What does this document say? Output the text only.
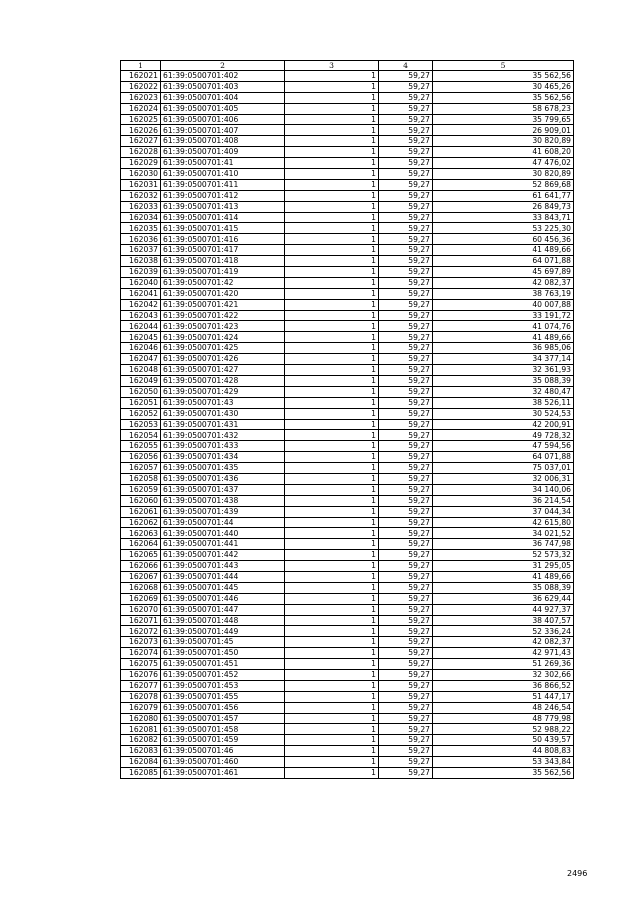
1	2	3	4	5
162021	61:39:0500701:402	1	59,27	35 562,56
162022	61:39:0500701:403	1	59,27	30 465,26
162023	61:39:0500701:404	1	59,27	35 562,56
162024	61:39:0500701:405	1	59,27	58 678,23
162025	61:39:0500701:406	1	59,27	35 799,65
162026	61:39:0500701:407	1	59,27	26 909,01
162027	61:39:0500701:408	1	59,27	30 820,89
162028	61:39:0500701:409	1	59,27	41 608,20
162029	61:39:0500701:41	1	59,27	47 476,02
162030	61:39:0500701:410	1	59,27	30 820,89
162031	61:39:0500701:411	1	59,27	52 869,68
162032	61:39:0500701:412	1	59,27	61 641,77
162033	61:39:0500701:413	1	59,27	26 849,73
162034	61:39:0500701:414	1	59,27	33 843,71
162035	61:39:0500701:415	1	59,27	53 225,30
162036	61:39:0500701:416	1	59,27	60 456,36
162037	61:39:0500701:417	1	59,27	41 489,66
162038	61:39:0500701:418	1	59,27	64 071,88
162039	61:39:0500701:419	1	59,27	45 697,89
162040	61:39:0500701:42	1	59,27	42 082,37
162041	61:39:0500701:420	1	59,27	38 763,19
162042	61:39:0500701:421	1	59,27	40 007,88
162043	61:39:0500701:422	1	59,27	33 191,72
162044	61:39:0500701:423	1	59,27	41 074,76
162045	61:39:0500701:424	1	59,27	41 489,66
162046	61:39:0500701:425	1	59,27	36 985,06
162047	61:39:0500701:426	1	59,27	34 377,14
162048	61:39:0500701:427	1	59,27	32 361,93
162049	61:39:0500701:428	1	59,27	35 088,39
162050	61:39:0500701:429	1	59,27	32 480,47
162051	61:39:0500701:43	1	59,27	38 526,11
162052	61:39:0500701:430	1	59,27	30 524,53
162053	61:39:0500701:431	1	59,27	42 200,91
162054	61:39:0500701:432	1	59,27	49 728,32
162055	61:39:0500701:433	1	59,27	47 594,56
162056	61:39:0500701:434	1	59,27	64 071,88
162057	61:39:0500701:435	1	59,27	75 037,01
162058	61:39:0500701:436	1	59,27	32 006,31
162059	61:39:0500701:437	1	59,27	34 140,06
162060	61:39:0500701:438	1	59,27	36 214,54
162061	61:39:0500701:439	1	59,27	37 044,34
162062	61:39:0500701:44	1	59,27	42 615,80
162063	61:39:0500701:440	1	59,27	34 021,52
162064	61:39:0500701:441	1	59,27	36 747,98
162065	61:39:0500701:442	1	59,27	52 573,32
162066	61:39:0500701:443	1	59,27	31 295,05
162067	61:39:0500701:444	1	59,27	41 489,66
162068	61:39:0500701:445	1	59,27	35 088,39
162069	61:39:0500701:446	1	59,27	36 629,44
162070	61:39:0500701:447	1	59,27	44 927,37
162071	61:39:0500701:448	1	59,27	38 407,57
162072	61:39:0500701:449	1	59,27	52 336,24
162073	61:39:0500701:45	1	59,27	42 082,37
162074	61:39:0500701:450	1	59,27	42 971,43
162075	61:39:0500701:451	1	59,27	51 269,36
162076	61:39:0500701:452	1	59,27	32 302,66
162077	61:39:0500701:453	1	59,27	36 866,52
162078	61:39:0500701:455	1	59,27	51 447,17
162079	61:39:0500701:456	1	59,27	48 246,54
162080	61:39:0500701:457	1	59,27	48 779,98
162081	61:39:0500701:458	1	59,27	52 988,22
162082	61:39:0500701:459	1	59,27	50 439,57
162083	61:39:0500701:46	1	59,27	44 808,83
162084	61:39:0500701:460	1	59,27	53 343,84
162085	61:39:0500701:461	1	59,27	35 562,56
2496
